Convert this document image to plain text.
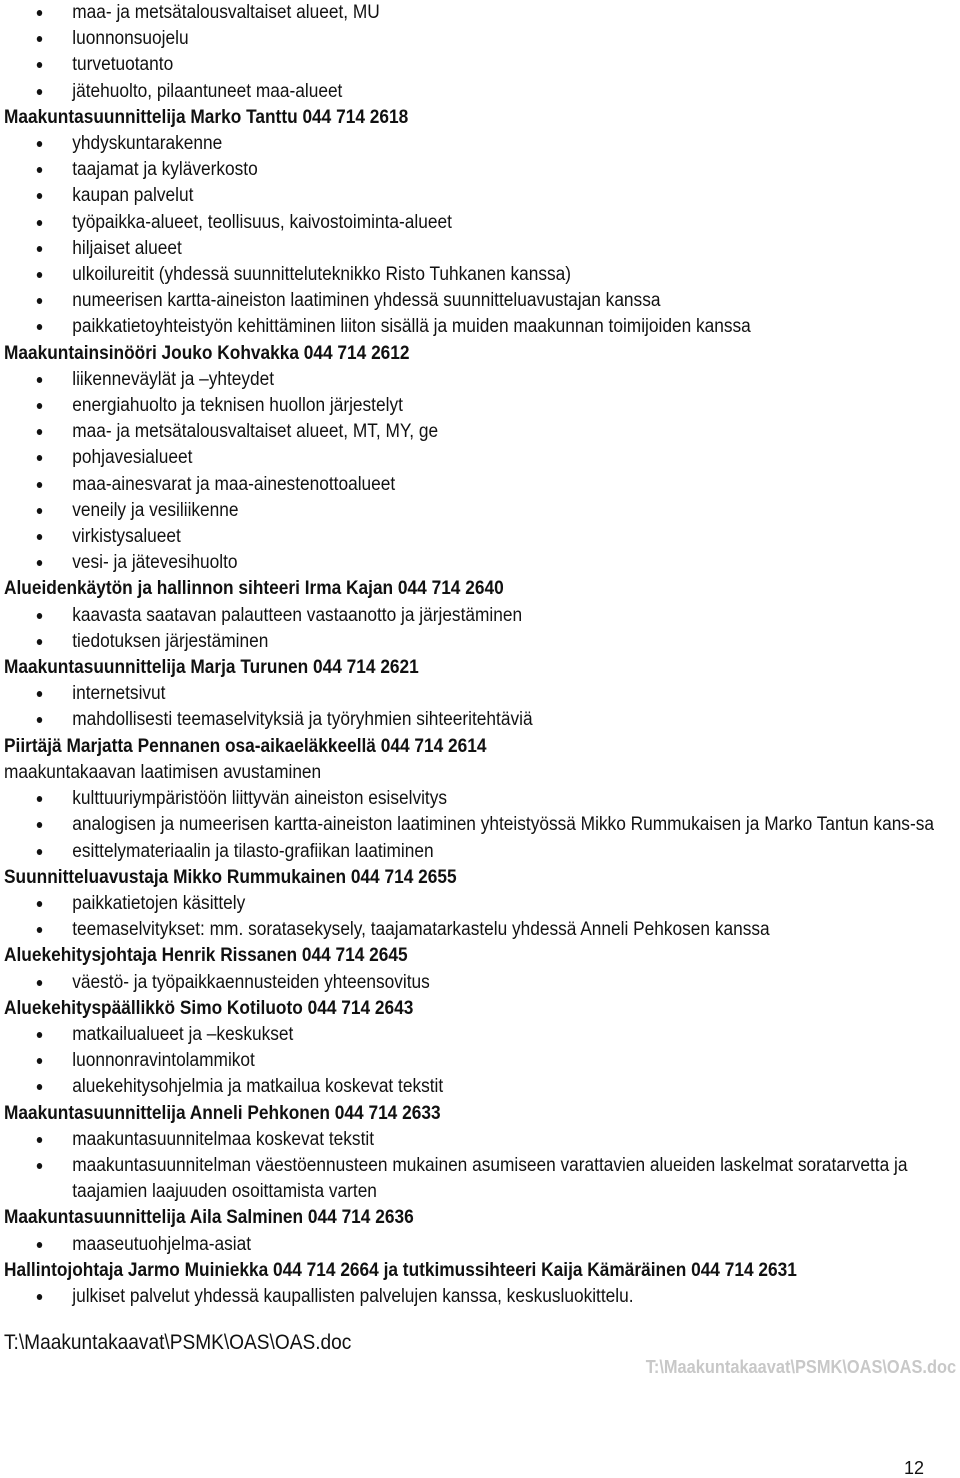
maa- ja metsätalousvaltaiset alueet, MU
luonnonsuojelu
turvetuotanto
jätehuolto, pilaantuneet maa-alueet
Maakuntasuunnittelija Marko Tanttu 044 714 2618
yhdyskuntarakenne
taajamat ja kyläverkosto
kaupan palvelut
työpaikka-alueet, teollisuus, kaivostoiminta-alueet
hiljaiset alueet
ulkoilureitit (yhdessä suunnitteluteknikko Risto Tuhkanen kanssa)
numeerisen kartta-aineiston laatiminen yhdessä suunnitteluavustajan kanssa
paikkatietoyhteistyön kehittäminen liiton sisällä ja muiden maakunnan toimijoiden kanssa
Maakuntainsinööri Jouko Kohvakka 044 714 2612
liikenneväylät ja –yhteydet
energiahuolto ja teknisen huollon järjestelyt
maa- ja metsätalousvaltaiset alueet, MT, MY, ge
pohjavesialueet
maa-ainesvarat ja maa-ainestenottoalueet
veneily ja vesiliikenne
virkistysalueet
vesi- ja jätevesihuolto
Alueidenkäytön ja hallinnon sihteeri Irma Kajan 044 714 2640
kaavasta saatavan palautteen vastaanotto ja järjestäminen
tiedotuksen järjestäminen
Maakuntasuunnittelija Marja Turunen 044 714 2621
internetsivut
mahdollisesti teemaselvityksiä ja työryhmien sihteeritehtäviä
Piirtäjä Marjatta Pennanen osa-aikaeläkkeellä 044 714 2614
maakuntakaavan laatimisen avustaminen
kulttuuriympäristöön liittyvän aineiston esiselvitys
analogisen ja numeerisen kartta-aineiston laatiminen yhteistyössä Mikko Rummukaisen ja Marko Tantun kans-sa
esittelymateriaalin ja tilasto-grafiikan laatiminen
Suunnitteluavustaja Mikko Rummukainen 044 714 2655
paikkatietojen käsittely
teemaselvitykset: mm. soratasekysely, taajamatarkastelu yhdessä Anneli Pehkosen kanssa
Aluekehitysjohtaja Henrik Rissanen 044 714 2645
väestö- ja työpaikkaennusteiden yhteensovitus
Aluekehityspäällikkö Simo Kotiluoto 044 714 2643
matkailualueet ja –keskukset
luonnonravintolammikot
aluekehitysohjelmia ja matkailua koskevat tekstit
Maakuntasuunnittelija Anneli Pehkonen 044 714 2633
maakuntasuunnitelmaa koskevat tekstit
maakuntasuunnitelman väestöennusteen mukainen asumiseen varattavien alueiden laskelmat soratarvetta ja taajamien laajuuden osoittamista varten
Maakuntasuunnittelija Aila Salminen 044 714 2636
maaseutuohjelma-asiat
Hallintojohtaja Jarmo Muiniekka 044 714 2664 ja tutkimussihteeri Kaija Kämäräinen 044 714 2631
julkiset palvelut yhdessä kaupallisten palvelujen kanssa, keskusluokittelu.
T:\Maakuntakaavat\PSMK\OAS\OAS.doc
T:\Maakuntakaavat\PSMK\OAS\OAS.doc
12
